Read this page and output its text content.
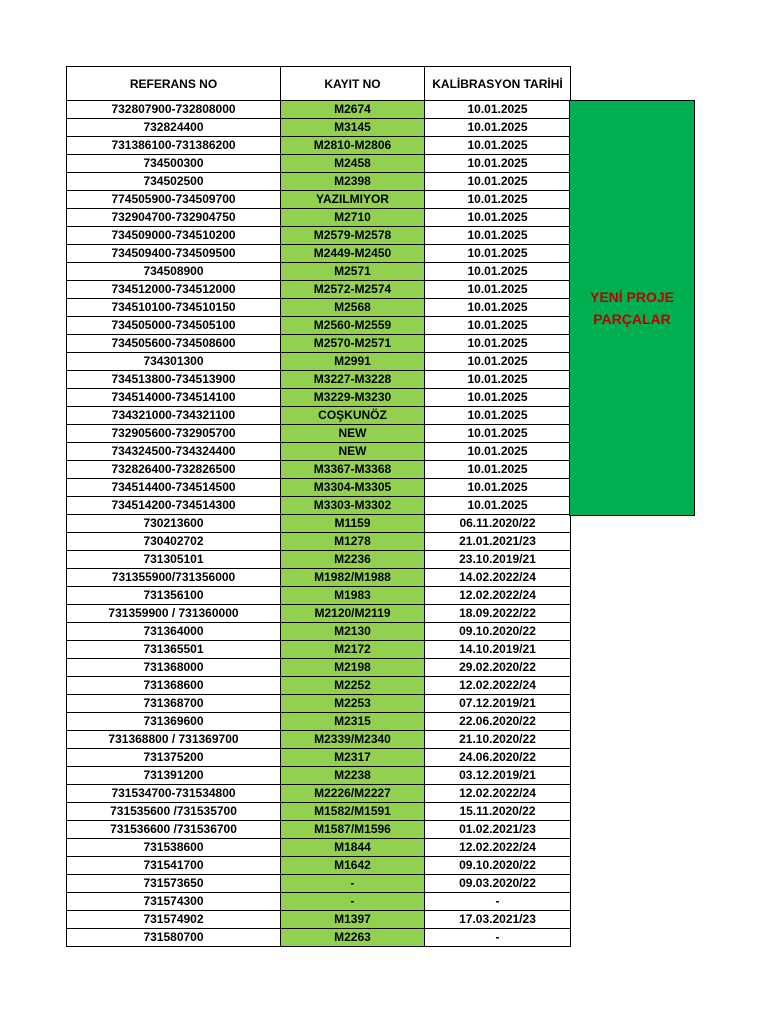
REFERANS NO	KAYIT NO	KALİBRASYON TARİHİ
732807900-732808000	M2674	10.01.2025
732824400	M3145	10.01.2025
731386100-731386200	M2810-M2806	10.01.2025
734500300	M2458	10.01.2025
734502500	M2398	10.01.2025
774505900-734509700	YAZILMIYOR	10.01.2025
732904700-732904750	M2710	10.01.2025
734509000-734510200	M2579-M2578	10.01.2025
734509400-734509500	M2449-M2450	10.01.2025
734508900	M2571	10.01.2025
734512000-734512000	M2572-M2574	10.01.2025
734510100-734510150	M2568	10.01.2025
734505000-734505100	M2560-M2559	10.01.2025
734505600-734508600	M2570-M2571	10.01.2025
734301300	M2991	10.01.2025
734513800-734513900	M3227-M3228	10.01.2025
734514000-734514100	M3229-M3230	10.01.2025
734321000-734321100	COŞKUNÖZ	10.01.2025
732905600-732905700	NEW	10.01.2025
734324500-734324400	NEW	10.01.2025
732826400-732826500	M3367-M3368	10.01.2025
734514400-734514500	M3304-M3305	10.01.2025
734514200-734514300	M3303-M3302	10.01.2025
730213600	M1159	06.11.2020/22
730402702	M1278	21.01.2021/23
731305101	M2236	23.10.2019/21
731355900/731356000	M1982/M1988	14.02.2022/24
731356100	M1983	12.02.2022/24
731359900 / 731360000	M2120/M2119	18.09.2022/22
731364000	M2130	09.10.2020/22
731365501	M2172	14.10.2019/21
731368000	M2198	29.02.2020/22
731368600	M2252	12.02.2022/24
731368700	M2253	07.12.2019/21
731369600	M2315	22.06.2020/22
731368800 / 731369700	M2339/M2340	21.10.2020/22
731375200	M2317	24.06.2020/22
731391200	M2238	03.12.2019/21
731534700-731534800	M2226/M2227	12.02.2022/24
731535600 /731535700	M1582/M1591	15.11.2020/22
731536600 /731536700	M1587/M1596	01.02.2021/23
731538600	M1844	12.02.2022/24
731541700	M1642	09.10.2020/22
731573650	-	09.03.2020/22
731574300	-	-
731574902	M1397	17.03.2021/23
731580700	M2263	-
YENİ PROJE
PARÇALAR
